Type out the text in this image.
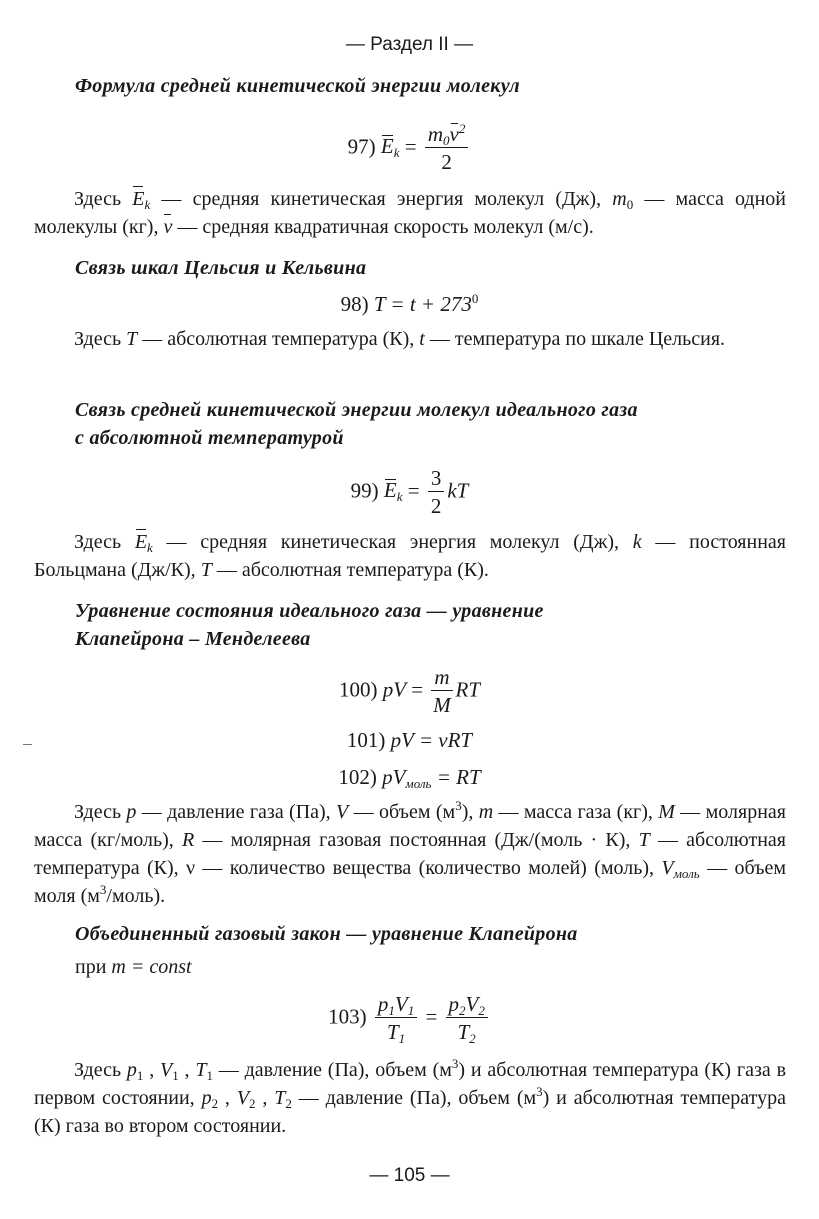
— Раздел II —
Формула средней кинетической энергии молекул
97) $E_k = \frac{m_0v^2}{2}$
Здесь $E_k$ — средняя кинетическая энергия молекул (Дж), $m_0$ — масса одной молекулы (кг), v — средняя квадратичная скорость молекул (м/с).
Связь шкал Цельсия и Кельвина
98) $T = t + 273^0$
Здесь T — абсолютная температура (К), t — температура по шкале Цельсия.
Связь средней кинетической энергии молекул идеального газа
с абсолютной температурой
99) $E_k = \frac{3}{2}$ kT
Здесь $E_k$ — средняя кинетическая энергия молекул (Дж), k — постоянная Больцмана (Дж/К), T — абсолютная температура (К).
Уравнение состояния идеального газа — уравнение
Клапейрона – Менделеева
100) pV = $\frac{m}{M}$ RT
101) pV = νRT
102) $pV_{моль}$ = RT
Здесь p — давление газа (Па), V — объем $(м^3)$, m — масса газа (кг), M — молярная масса (кг/моль), R — молярная газовая постоянная (Дж/(моль · К), T — абсолютная температура (К), ν — количество вещества (количество молей) (моль), $V_{моль}$ — объем моля $(м^3/моль)$.
Объединенный газовый закон — уравнение Клапейрона
при m = const
$103) \frac{p_1V_1}{T_1} = \frac{p_2V_2}{T_2}$
Здесь $p_1$ , $V_1$ , $T_1$ — давление (Па), объем $(м^3)$ и абсолютная температура (К) газа в первом состоянии, $p_2$ , $V_2$ , $T_2$ — давление (Па), объем $(м^3)$ и абсолютная температура (К) газа во втором состоянии.
— 105 —
